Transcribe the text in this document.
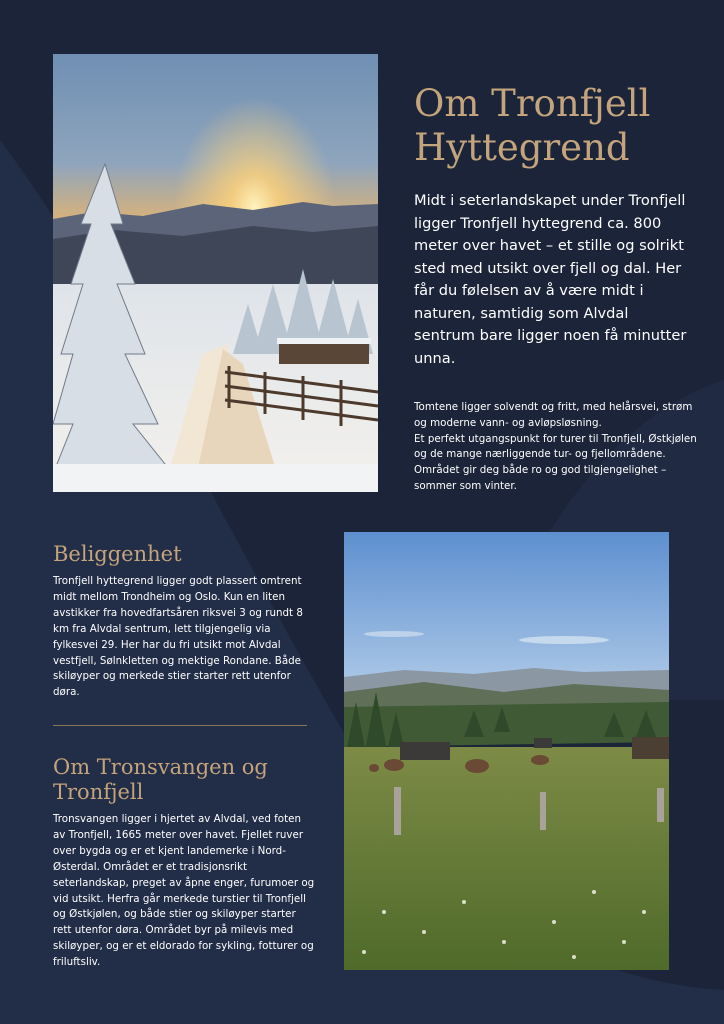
Om Tronfjell Hyttegrend

Midt i seterlandskapet under Tronfjell ligger Tronfjell hyttegrend ca. 800 meter over havet – et stille og solrikt sted med utsikt over fjell og dal. Her får du følelsen av å være midt i naturen, samtidig som Alvdal sentrum bare ligger noen få minutter unna.

Tomtene ligger solvendt og fritt, med helårsvei, strøm og moderne vann- og avløpsløsning.
Et perfekt utgangspunkt for turer til Tronfjell, Østkjølen og de mange nærliggende tur- og fjellområdene. Området gir deg både ro og god tilgjengelighet – sommer som vinter.

Beliggenhet

Tronfjell hyttegrend ligger godt plassert omtrent midt mellom Trondheim og Oslo. Kun en liten avstikker fra hovedfartsåren riksvei 3 og rundt 8 km fra Alvdal sentrum, lett tilgjengelig via fylkesvei 29. Her har du fri utsikt mot Alvdal vestfjell, Sølnkletten og mektige Rondane. Både skiløyper og merkede stier starter rett utenfor døra.

Om Tronsvangen og Tronfjell

Tronsvangen ligger i hjertet av Alvdal, ved foten av Tronfjell, 1665 meter over havet. Fjellet ruver over bygda og er et kjent landemerke i Nord-Østerdal. Området er et tradisjonsrikt seterlandskap, preget av åpne enger, furumoer og vid utsikt. Herfra går merkede turstier til Tronfjell og Østkjølen, og både stier og skiløyper starter rett utenfor døra. Området byr på milevis med skiløyper, og er et eldorado for sykling, fotturer og friluftsliv.
